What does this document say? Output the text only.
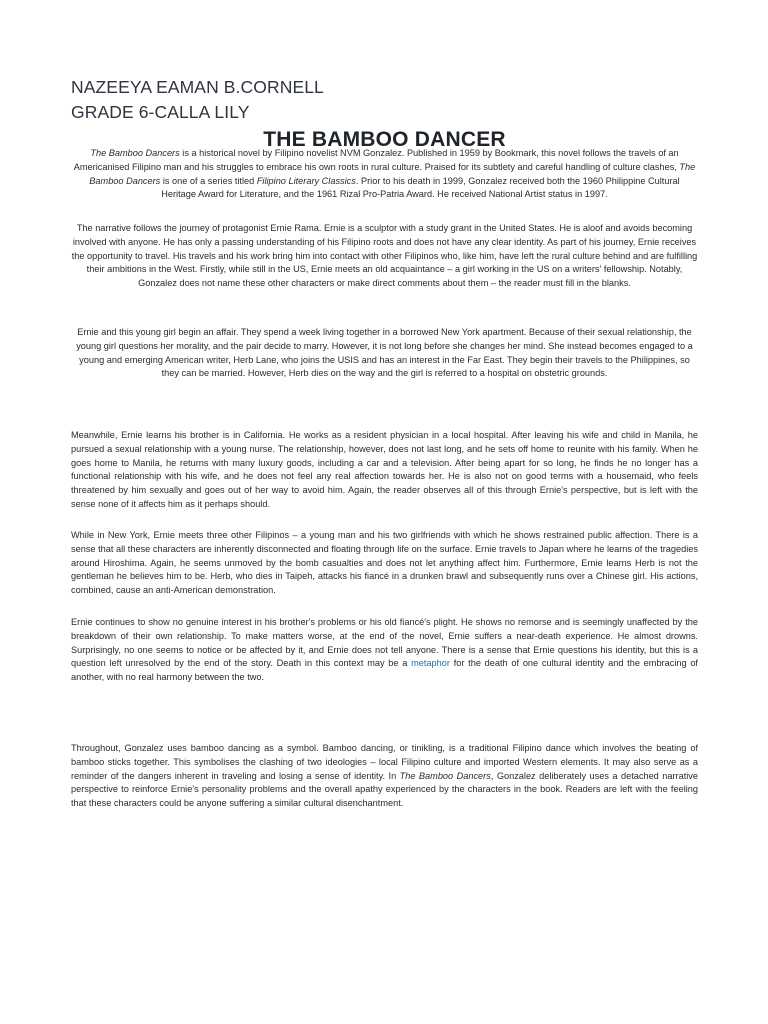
NAZEEYA EAMAN B.CORNELL
GRADE 6-CALLA LILY
THE BAMBOO DANCER

The Bamboo Dancers is a historical novel by Filipino novelist NVM Gonzalez. Published in 1959 by Bookmark, this novel follows the travels of an Americanised Filipino man and his struggles to embrace his own roots in rural culture. Praised for its subtlety and careful handling of culture clashes, The Bamboo Dancers is one of a series titled Filipino Literary Classics. Prior to his death in 1999, Gonzalez received both the 1960 Philippine Cultural Heritage Award for Literature, and the 1961 Rizal Pro-Patria Award. He received National Artist status in 1997.

The narrative follows the journey of protagonist Ernie Rama. Ernie is a sculptor with a study grant in the United States. He is aloof and avoids becoming involved with anyone. He has only a passing understanding of his Filipino roots and does not have any clear identity. As part of his journey, Ernie receives the opportunity to travel. His travels and his work bring him into contact with other Filipinos who, like him, have left the rural culture behind and are fulfilling their ambitions in the West. Firstly, while still in the US, Ernie meets an old acquaintance – a girl working in the US on a writers' fellowship. Notably, Gonzalez does not name these other characters or make direct comments about them – the reader must fill in the blanks.

Ernie and this young girl begin an affair. They spend a week living together in a borrowed New York apartment. Because of their sexual relationship, the young girl questions her morality, and the pair decide to marry. However, it is not long before she changes her mind. She instead becomes engaged to a young and emerging American writer, Herb Lane, who joins the USIS and has an interest in the Far East. They begin their travels to the Philippines, so they can be married. However, Herb dies on the way and the girl is referred to a hospital on obstetric grounds.

Meanwhile, Ernie learns his brother is in California. He works as a resident physician in a local hospital. After leaving his wife and child in Manila, he pursued a sexual relationship with a young nurse. The relationship, however, does not last long, and he sets off home to reunite with his family. When he goes home to Manila, he returns with many luxury goods, including a car and a television. After being apart for so long, he finds he no longer has a functional relationship with his wife, and he does not feel any real affection towards her. He is also not on good terms with a housemaid, who feels threatened by him sexually and goes out of her way to avoid him. Again, the reader observes all of this through Ernie's perspective, but is left with the sense none of it affects him as it perhaps should.

While in New York, Ernie meets three other Filipinos – a young man and his two girlfriends with which he shows restrained public affection. There is a sense that all these characters are inherently disconnected and floating through life on the surface. Ernie travels to Japan where he learns of the tragedies around Hiroshima. Again, he seems unmoved by the bomb casualties and does not let anything affect him. Furthermore, Ernie learns Herb is not the gentleman he believes him to be. Herb, who dies in Taipeh, attacks his fiancé in a drunken brawl and subsequently runs over a Chinese girl. His actions, combined, cause an anti-American demonstration.

Ernie continues to show no genuine interest in his brother's problems or his old fiancé's plight. He shows no remorse and is seemingly unaffected by the breakdown of their own relationship. To make matters worse, at the end of the novel, Ernie suffers a near-death experience. He almost drowns. Surprisingly, no one seems to notice or be affected by it, and Ernie does not tell anyone. There is a sense that Ernie questions his identity, but this is a question left unresolved by the end of the story. Death in this context may be a metaphor for the death of one cultural identity and the embracing of another, with no real harmony between the two.

Throughout, Gonzalez uses bamboo dancing as a symbol. Bamboo dancing, or tinikling, is a traditional Filipino dance which involves the beating of bamboo sticks together. This symbolises the clashing of two ideologies – local Filipino culture and imported Western elements. It may also serve as a reminder of the dangers inherent in traveling and losing a sense of identity. In The Bamboo Dancers, Gonzalez deliberately uses a detached narrative perspective to reinforce Ernie's personality problems and the overall apathy experienced by the characters in the book. Readers are left with the feeling that these characters could be anyone suffering a similar cultural disenchantment.
